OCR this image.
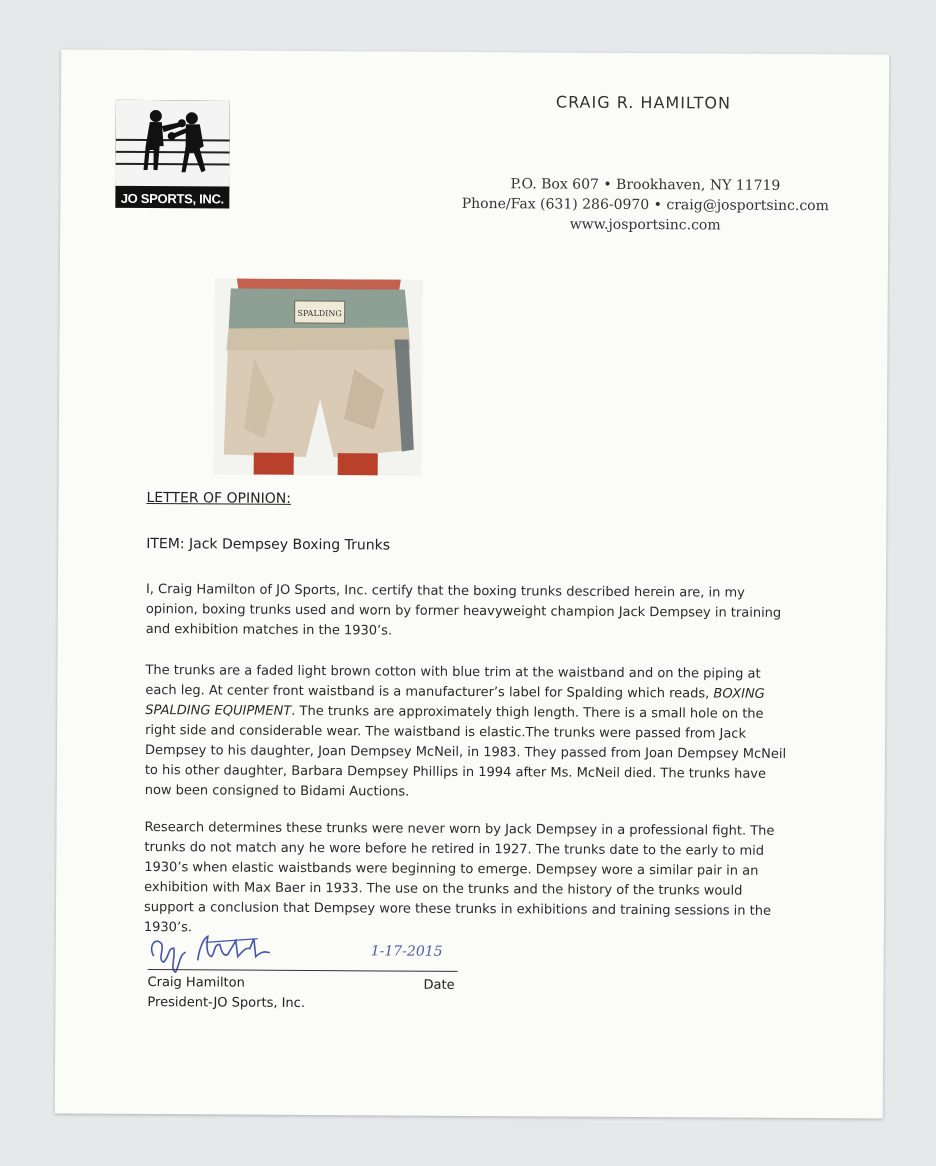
JO SPORTS, INC.
CRAIG R. HAMILTON
P.O. Box 607 • Brookhaven, NY 11719
Phone/Fax (631) 286-0970 • craig@josportsinc.com
www.josportsinc.com
SPALDING
LETTER OF OPINION:
ITEM: Jack Dempsey Boxing Trunks
I, Craig Hamilton of JO Sports, Inc. certify that the boxing trunks described herein are, in my opinion, boxing trunks used and worn by former heavyweight champion Jack Dempsey in training and exhibition matches in the 1930’s.
The trunks are a faded light brown cotton with blue trim at the waistband and on the piping at each leg. At center front waistband is a manufacturer’s label for Spalding which reads, BOXING SPALDING EQUIPMENT. The trunks are approximately thigh length. There is a small hole on the right side and considerable wear. The waistband is elastic.The trunks were passed from Jack Dempsey to his daughter, Joan Dempsey McNeil, in 1983. They passed from Joan Dempsey McNeil to his other daughter, Barbara Dempsey Phillips in 1994 after Ms. McNeil died. The trunks have now been consigned to Bidami Auctions.
Research determines these trunks were never worn by Jack Dempsey in a professional fight. The trunks do not match any he wore before he retired in 1927. The trunks date to the early to mid 1930’s when elastic waistbands were beginning to emerge. Dempsey wore a similar pair in an exhibition with Max Baer in 1933. The use on the trunks and the history of the trunks would support a conclusion that Dempsey wore these trunks in exhibitions and training sessions in the 1930’s.
1-17-2015
Craig Hamilton
President-JO Sports, Inc.
Date
